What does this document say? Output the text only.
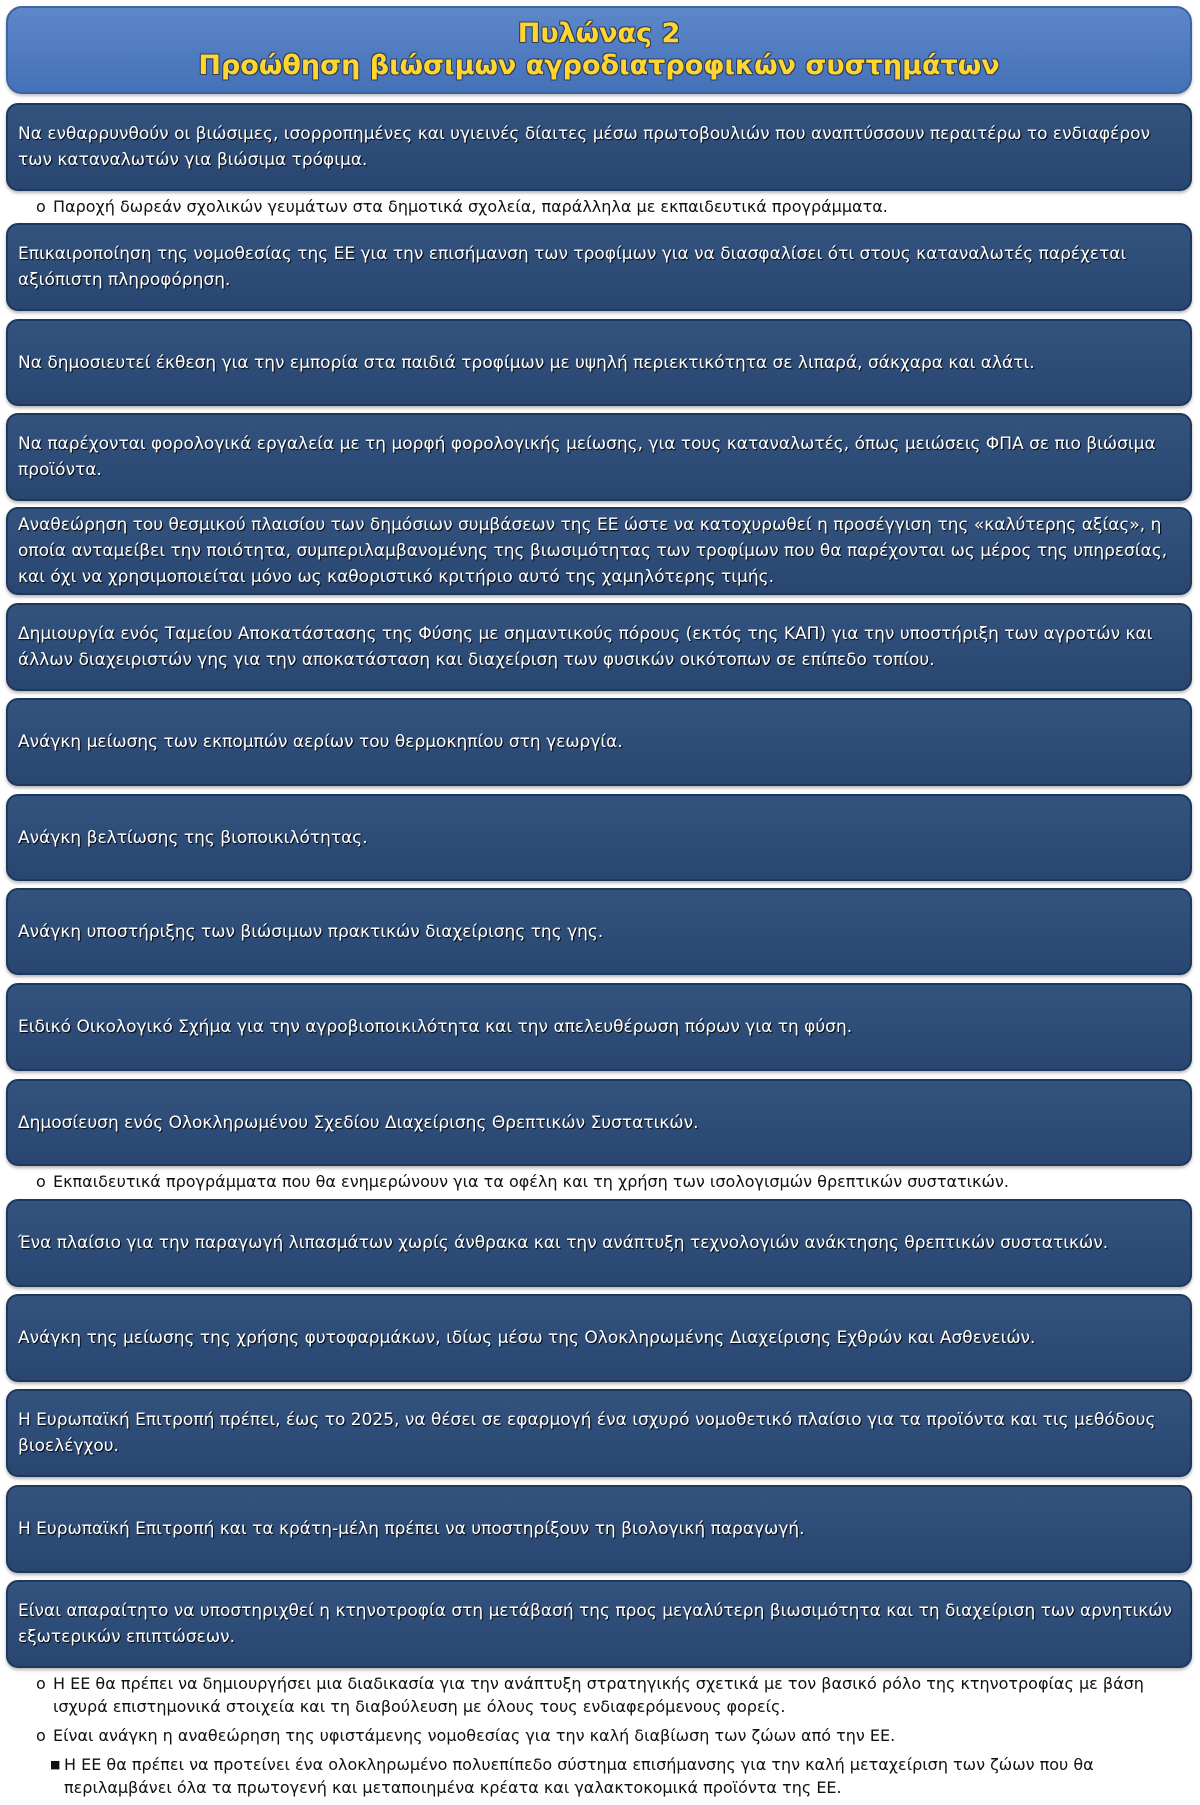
Πυλώνας 2
Προώθηση βιώσιμων αγροδιατροφικών συστημάτων
Να ενθαρρυνθούν οι βιώσιμες, ισορροπημένες και υγιεινές δίαιτες μέσω πρωτοβουλιών που αναπτύσσουν περαιτέρω το ενδιαφέρον των καταναλωτών για βιώσιμα τρόφιμα.
o Παροχή δωρεάν σχολικών γευμάτων στα δημοτικά σχολεία, παράλληλα με εκπαιδευτικά προγράμματα.
Επικαιροποίηση της νομοθεσίας της ΕΕ για την επισήμανση των τροφίμων για να διασφαλίσει ότι στους καταναλωτές παρέχεται αξιόπιστη πληροφόρηση.
Να δημοσιευτεί έκθεση για την εμπορία στα παιδιά τροφίμων με υψηλή περιεκτικότητα σε λιπαρά, σάκχαρα και αλάτι.
Να παρέχονται φορολογικά εργαλεία με τη μορφή φορολογικής μείωσης, για τους καταναλωτές, όπως μειώσεις ΦΠΑ σε πιο βιώσιμα προϊόντα.
Αναθεώρηση του θεσμικού πλαισίου των δημόσιων συμβάσεων της ΕΕ ώστε να κατοχυρωθεί η προσέγγιση της «καλύτερης αξίας», η οποία ανταμείβει την ποιότητα, συμπεριλαμβανομένης της βιωσιμότητας των τροφίμων που θα παρέχονται ως μέρος της υπηρεσίας, και όχι να χρησιμοποιείται μόνο ως καθοριστικό κριτήριο αυτό της χαμηλότερης τιμής.
Δημιουργία ενός Ταμείου Αποκατάστασης της Φύσης με σημαντικούς πόρους (εκτός της ΚΑΠ) για την υποστήριξη των αγροτών και άλλων διαχειριστών γης για την αποκατάσταση και διαχείριση των φυσικών οικότοπων σε επίπεδο τοπίου.
Ανάγκη μείωσης των εκπομπών αερίων του θερμοκηπίου στη γεωργία.
Ανάγκη βελτίωσης της βιοποικιλότητας.
Ανάγκη υποστήριξης των βιώσιμων πρακτικών διαχείρισης της γης.
Ειδικό Οικολογικό Σχήμα για την αγροβιοποικιλότητα και την απελευθέρωση πόρων για τη φύση.
Δημοσίευση ενός Ολοκληρωμένου Σχεδίου Διαχείρισης Θρεπτικών Συστατικών.
o Εκπαιδευτικά προγράμματα που θα ενημερώνουν για τα οφέλη και τη χρήση των ισολογισμών θρεπτικών συστατικών.
Ένα πλαίσιο για την παραγωγή λιπασμάτων χωρίς άνθρακα και την ανάπτυξη τεχνολογιών ανάκτησης θρεπτικών συστατικών.
Ανάγκη της μείωσης της χρήσης φυτοφαρμάκων, ιδίως μέσω της Ολοκληρωμένης Διαχείρισης Εχθρών και Ασθενειών.
Η Ευρωπαϊκή Επιτροπή πρέπει, έως το 2025, να θέσει σε εφαρμογή ένα ισχυρό νομοθετικό πλαίσιο για τα προϊόντα και τις μεθόδους βιοελέγχου.
Η Ευρωπαϊκή Επιτροπή και τα κράτη-μέλη πρέπει να υποστηρίξουν τη βιολογική παραγωγή.
Είναι απαραίτητο να υποστηριχθεί η κτηνοτροφία στη μετάβασή της προς μεγαλύτερη βιωσιμότητα και τη διαχείριση των αρνητικών εξωτερικών επιπτώσεων.
o Η ΕΕ θα πρέπει να δημιουργήσει μια διαδικασία για την ανάπτυξη στρατηγικής σχετικά με τον βασικό ρόλο της κτηνοτροφίας με βάση ισχυρά επιστημονικά στοιχεία και τη διαβούλευση με όλους τους ενδιαφερόμενους φορείς.
o Είναι ανάγκη η αναθεώρηση της υφιστάμενης νομοθεσίας για την καλή διαβίωση των ζώων από την ΕΕ.
■ Η ΕΕ θα πρέπει να προτείνει ένα ολοκληρωμένο πολυεπίπεδο σύστημα επισήμανσης για την καλή μεταχείριση των ζώων που θα περιλαμβάνει όλα τα πρωτογενή και μεταποιημένα κρέατα και γαλακτοκομικά προϊόντα της ΕΕ.
